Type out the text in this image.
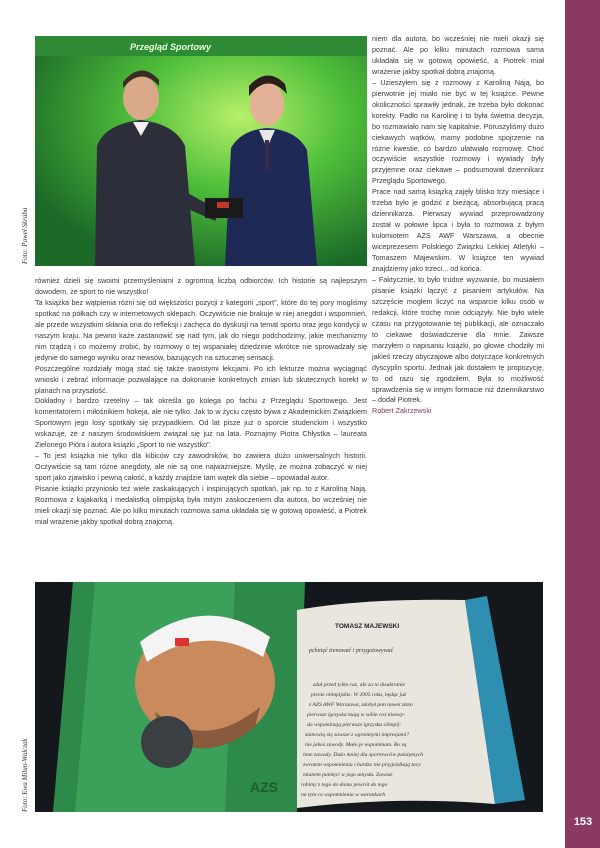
153
Przegląd Sportowy
Foto: Paweł Skraba

również dzieli się swoimi przemyśleniami z ogromną liczbą odbiorców. Ich historie są najlepszym dowodem, że sport to nie wszystko!

Ta książka bez wątpienia różni się od większości pozycji z kategorii „sport", które do tej pory mogliśmy spotkać na półkach czy w internetowych sklepach. Oczywiście nie brakuje w niej anegdot i wspomnień, ale przede wszystkim skłania ona do refleksji i zachęca do dyskusji na temat sportu oraz jego kondycji w naszym kraju. Na pewno każe zastanowić się nad tym, jak do niego podchodzimy, jakie mechanizmy nim rządzą i co możemy zrobić, by rozmowy o tej wspaniałej dziedzinie wkrótce nie sprowadzały się jedynie do samego wyniku oraz newsów, bazujących na sztucznej sensacji.

Poszczególne rozdziały mogą stać się także swoistymi lekcjami. Po ich lekturze można wyciągnąć wnioski i zebrać informacje pozwalające na dokonanie konkretnych zmian lub skutecznych korekt w planach na przyszłość.

Dokładny i bardzo rzetelny – tak określa go kolega po fachu z Przeglądu Sportowego. Jest komentatorem i miłośnikiem hokeja, ale nie tylko. Jak to w życiu często bywa z Akademickim Związkiem Sportowym jego losy spotkały się przypadkiem. Od lat pisze już o sporcie studenckim i wszystko wskazuje, że z naszym środowiskiem związał się już na lata. Poznajmy Piotra Chłystka – laureata Zielonego Pióra i autora książki „Sport to nie wszystko".

– To jest książka nie tylko dla kibiców czy zawodników, bo zawiera dużo uniwersalnych historii. Oczywiście są tam różne anegdoty, ale nie są one najważniejsze. Myślę, że można zobaczyć w niej sport jako zjawisko i pewną całość, a każdy znajdzie tam wątek dla siebie – opowiadał autor.

Pisanie książki przyniosło też wiele zaskakujących i inspirujących spotkań, jak np. to z Karoliną Nają. Rozmowa z kajakarką i medalistką olimpijską była mitym zaskoczeniem dla autora, bo wcześniej nie mieli okazji się poznać. Ale po kilku minutach rozmowa sama układała się w gotową opowieść, a Piotrek miał wrażenie jakby spotkał dobrą znajomą.

niem dla autora, bo wcześniej nie mieli okazji się poznać. Ale po kilku minutach rozmowa sama układała się w gotową opowieść, a Piotrek miał wrażenie jakby spotkał dobrą znajomą.

– Uzieszyłem się z rozmowy z Karoliną Nają, bo pierwotnie jej miało nie być w tej książce. Pewne okoliczności sprawiły jednak, że trzeba było dokonać korekty. Padło na Karolinę i to była świetna decyzja, bo rozmawiało nam się kapitalnie. Poruszyliśmy dużo ciekawych wątków, mamy podobne spojrzenie na różne kwestie, co bardzo ułatwiało rozmowę. Choć oczywiście wszystkie rozmowy i wywiady były przyjemne oraz ciekawe – podsumował dziennikarz Przeglądu Sportowego.

Prace nad samą książką zajęły blisko trzy miesiące i trzeba było je godzić z bieżącą, absorbującą pracą dziennikarza. Pierwszy wywiad przeprowadzony został w połowie lipca i była to rozmowa z byłym kulomiotem AZS AWF Warszawa, a obecnie wiceprezesem Polskiego Związku Lekkiej Atletyki – Tomaszem Majewskim. W książce ten wywiad znajdziemy jako trzeci... od końca.

– Faktycznie, to było trudne wyzwanie, bo musiałem pisanie książki łączyć z pisaniem artykułów. Na szczęście mogłem liczyć na wsparcie kilku osób w redakcji, które trochę mnie odciążyły. Nie było wiele czasu na przygotowanie tej publikacji, ale oznaczało to ciekawe doświadczenie dla mnie. Zawsze marzyłem o napisaniu książki, po głowie chodziły mi jakieś rzeczy obyczajowe albo dotyczące konkretnych dyscyplin sportu. Jednak jak dostałem tę propozycję, to od razu się zgodziłem. Była to możliwość sprawdzenia się w innym formacie niż dziennikarstwo – dodał Piotrek.

Robert Zakrzewski

AZS
TOMASZ MAJEWSKI
pchnięć trenować i przygotowywać
zdał przed tylko raz, ale za to dwukrotnie
pienie olimpijskie. W 2005 roku, będąc już
z AZS AWF Warszawa, zdobył pan nawet złoto
pierwsze igrzyska mają w sobie coś niezwy-
do wspominają pierwsze igrzyska olimpij-
stanowią się zawsze z ogromnymi impresjami?
nie jakoś zawody. Mało je wspominam. Bo są
inne zawody. Dużo mniej dla sportowców pamiętnych
zwrotem wspomnienia i bardzo nie przyjeżdżają tacy
mianem pamięci w jego umysłu. Zawsze
robimy z tego do domu powrót do tego
na tym co wspomnienia w warunkach
Foto: Ewa Milun-Walczak
